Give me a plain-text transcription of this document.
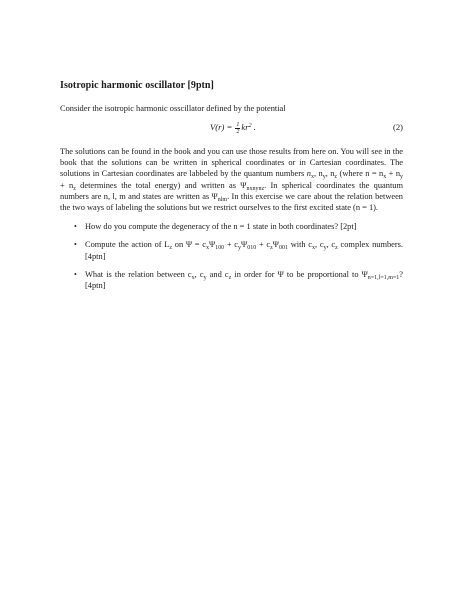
Isotropic harmonic oscillator [9ptn]
Consider the isotropic harmonic osscillator defined by the potential
$V(r) = \frac{1}{2} kr^2$ .	(2)
The solutions can be found in the book and you can use those results from here on. You will see in the book that the solutions can be written in spherical coordinates or in Cartesian coordinates. The solutions in Cartesian coordinates are labbeled by the quantum numbers $n_x$, $n_y$, $n_z$ (where $n = n_x + n_y + n_z$ determines the total energy) and written as $\Psi_{nxnynz}$. In spherical coordinates the quantum numbers are n, l, m and states are written as $\Psi_{nlm}$. In this exercise we care about the relation between the two ways of labeling the solutions but we restrict ourselves to the first excited state (n = 1).
• How do you compute the degeneracy of the n = 1 state in both coordinates? [2pt]
• Compute the action of $L_z$ on $\Psi = c_x\Psi_{100} + c_y\Psi_{010} + c_z\Psi_{001}$ with $c_x$, $c_y$, $c_z$ complex numbers. [4ptn]
• What is the relation between $c_x$, $c_y$ and $c_z$ in order for Ψ to be proportional to $\Psi_{n=1,l=1,m=1}$? [4ptn]
